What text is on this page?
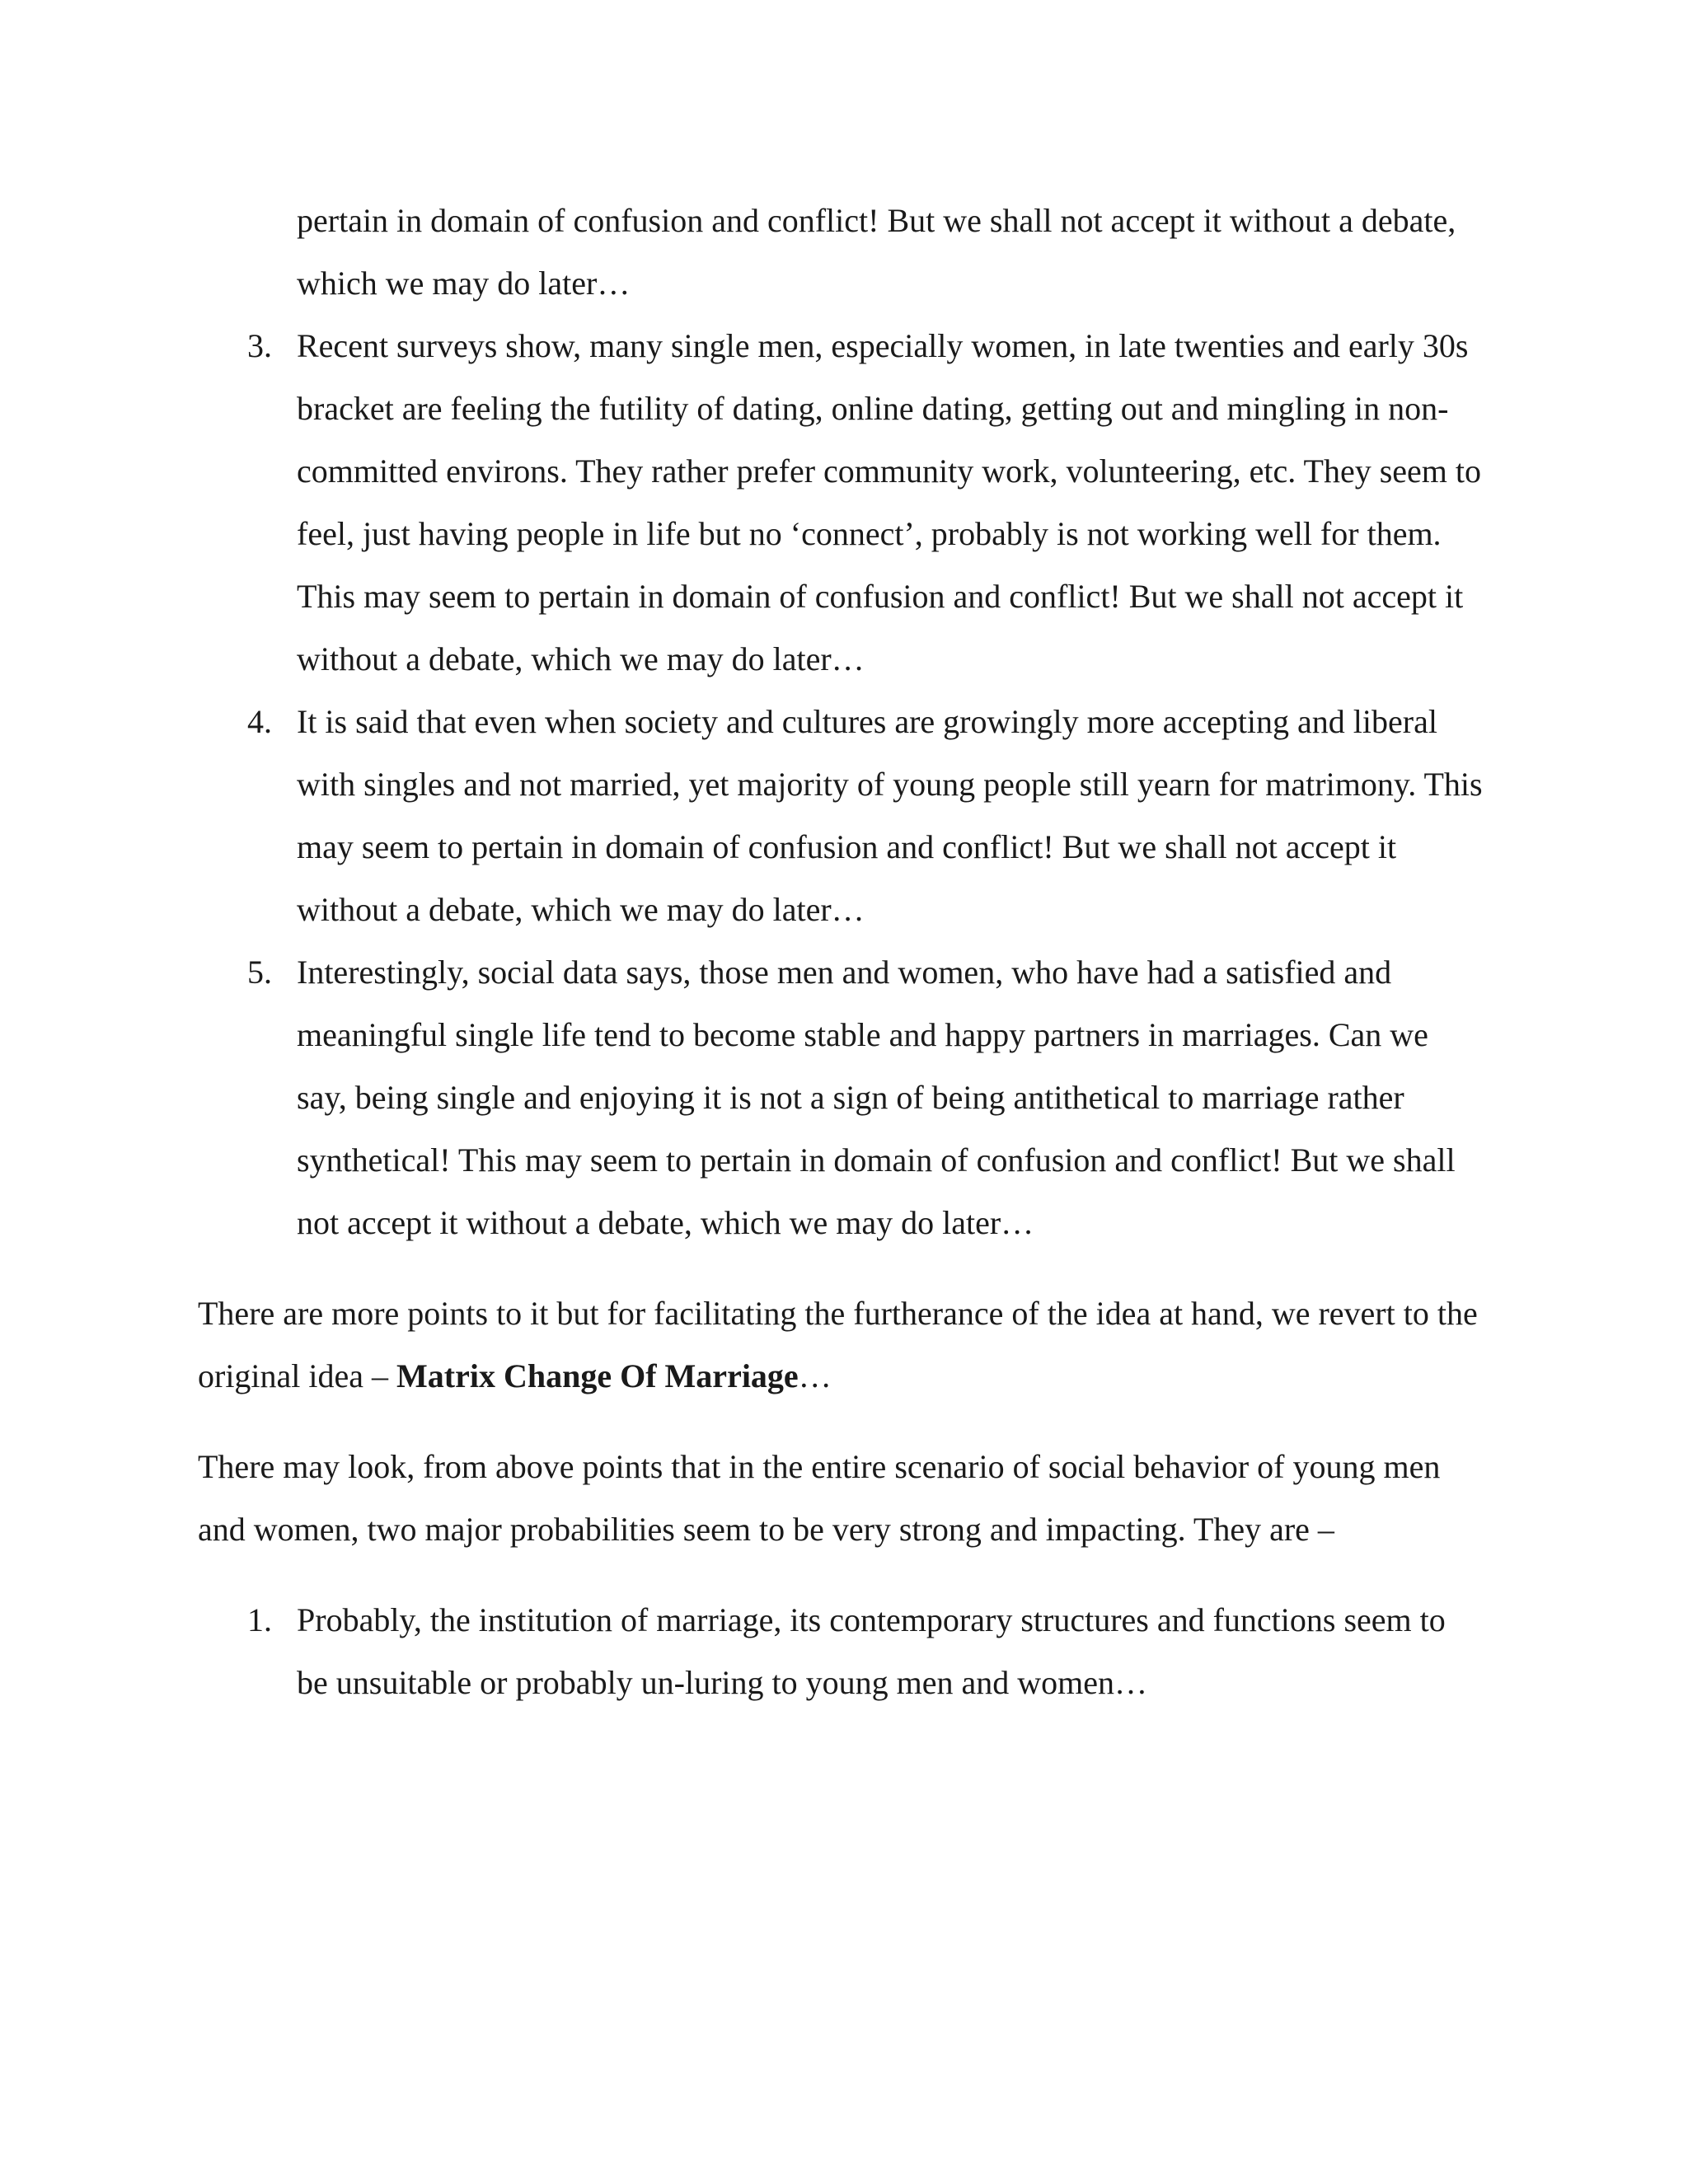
pertain in domain of confusion and conflict! But we shall not accept it without a debate, which we may do later…

3. Recent surveys show, many single men, especially women, in late twenties and early 30s bracket are feeling the futility of dating, online dating, getting out and mingling in non-committed environs. They rather prefer community work, volunteering, etc. They seem to feel, just having people in life but no ‘connect’, probably is not working well for them. This may seem to pertain in domain of confusion and conflict! But we shall not accept it without a debate, which we may do later…
4. It is said that even when society and cultures are growingly more accepting and liberal with singles and not married, yet majority of young people still yearn for matrimony. This may seem to pertain in domain of confusion and conflict! But we shall not accept it without a debate, which we may do later…
5. Interestingly, social data says, those men and women, who have had a satisfied and meaningful single life tend to become stable and happy partners in marriages. Can we say, being single and enjoying it is not a sign of being antithetical to marriage rather synthetical! This may seem to pertain in domain of confusion and conflict! But we shall not accept it without a debate, which we may do later…

There are more points to it but for facilitating the furtherance of the idea at hand, we revert to the original idea – Matrix Change Of Marriage…

There may look, from above points that in the entire scenario of social behavior of young men and women, two major probabilities seem to be very strong and impacting. They are –

1. Probably, the institution of marriage, its contemporary structures and functions seem to be unsuitable or probably un-luring to young men and women…
